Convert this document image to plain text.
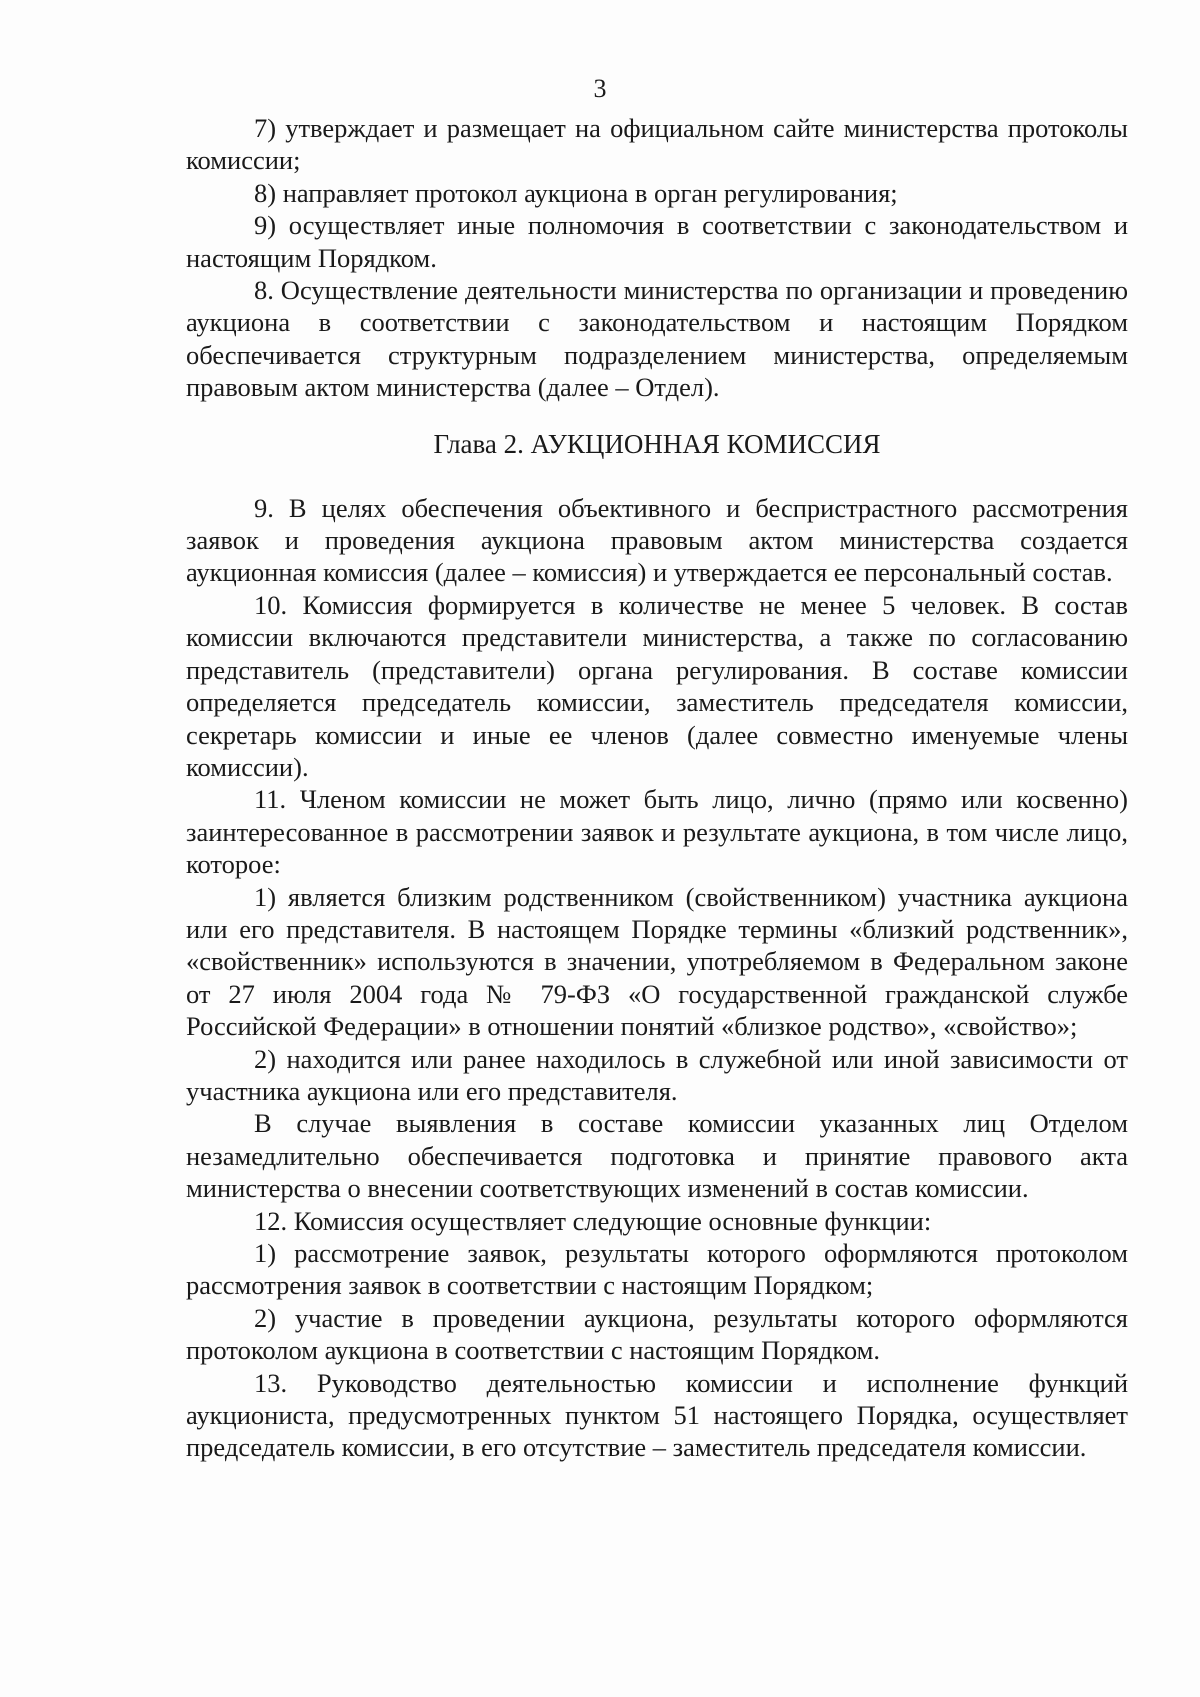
3

7) утверждает и размещает на официальном сайте министерства протоколы комиссии;

8) направляет протокол аукциона в орган регулирования;

9) осуществляет иные полномочия в соответствии с законодательством и настоящим Порядком.

8. Осуществление деятельности министерства по организации и проведению аукциона в соответствии с законодательством и настоящим Порядком обеспечивается структурным подразделением министерства, определяемым правовым актом министерства (далее – Отдел).

Глава 2. АУКЦИОННАЯ КОМИССИЯ

9. В целях обеспечения объективного и беспристрастного рассмотрения заявок и проведения аукциона правовым актом министерства создается аукционная комиссия (далее – комиссия) и утверждается ее персональный состав.

10. Комиссия формируется в количестве не менее 5 человек. В состав комиссии включаются представители министерства, а также по согласованию представитель (представители) органа регулирования. В составе комиссии определяется председатель комиссии, заместитель председателя комиссии, секретарь комиссии и иные ее членов (далее совместно именуемые члены комиссии).

11. Членом комиссии не может быть лицо, лично (прямо или косвенно) заинтересованное в рассмотрении заявок и результате аукциона, в том числе лицо, которое:

1) является близким родственником (свойственником) участника аукциона или его представителя. В настоящем Порядке термины «близкий родственник», «свойственник» используются в значении, употребляемом в Федеральном законе от 27 июля 2004 года № 79-ФЗ «О государственной гражданской службе Российской Федерации» в отношении понятий «близкое родство», «свойство»;

2) находится или ранее находилось в служебной или иной зависимости от участника аукциона или его представителя.

В случае выявления в составе комиссии указанных лиц Отделом незамедлительно обеспечивается подготовка и принятие правового акта министерства о внесении соответствующих изменений в состав комиссии.

12. Комиссия осуществляет следующие основные функции:

1) рассмотрение заявок, результаты которого оформляются протоколом рассмотрения заявок в соответствии с настоящим Порядком;

2) участие в проведении аукциона, результаты которого оформляются протоколом аукциона в соответствии с настоящим Порядком.

13. Руководство деятельностью комиссии и исполнение функций аукциониста, предусмотренных пунктом 51 настоящего Порядка, осуществляет председатель комиссии, в его отсутствие – заместитель председателя комиссии.
